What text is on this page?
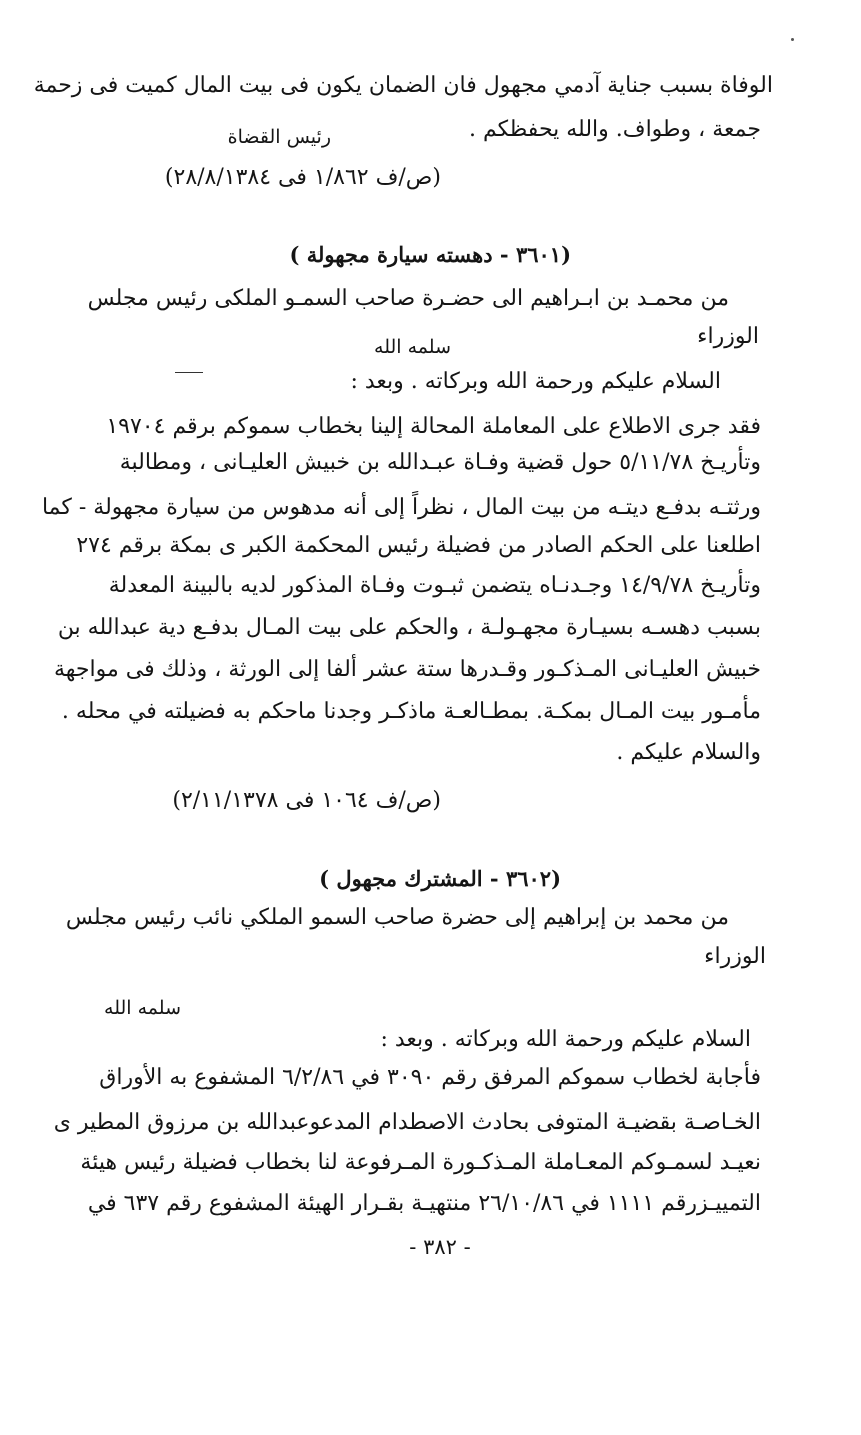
الوفاة بسبب جناية آدمي مجهول فان الضمان يكون فى بيت المال كميت فى زحمة
جمعة ، وطواف. والله يحفظكم .
رئيس القضاة
(ص/ف ١/٨٦٢ فى ٢٨/٨/١٣٨٤)
(٣٦٠١ - دهسته سيارة مجهولة )
من محمـد بن ابـراهيم الى حضـرة صاحب السمـو الملكى رئيس مجلس
الوزراء
سلمه الله
السلام عليكم ورحمة الله وبركاته . وبعد :
فقد جرى الاطلاع على المعاملة المحالة إلينا بخطاب سموكم برقم ١٩٧٠٤
وتأريـخ ٥/١١/٧٨ حول قضية وفـاة عبـدالله بن خبيش العليـانى ، ومطالبة
ورثتـه بدفـع ديتـه من بيت المال ، نظراً إلى أنه مدهوس من سيارة مجهولة - كما
اطلعنا على الحكم الصادر من فضيلة رئيس المحكمة الكبر ى بمكة برقم ٢٧٤
وتأريـخ ١٤/٩/٧٨ وجـدنـاه يتضمن ثبـوت وفـاة المذكور لديه بالبينة المعدلة
بسبب دهسـه بسيـارة مجهـولـة ، والحكم على بيت المـال بدفـع دية عبدالله بن
خبيش العليـانى المـذكـور وقـدرها ستة عشر ألفا إلى الورثة ، وذلك فى مواجهة
مأمـور بيت المـال بمكـة. بمطـالعـة ماذكـر وجدنا ماحكم به فضيلته في محله .
والسلام عليكم .
(ص/ف ١٠٦٤ فى ٢/١١/١٣٧٨)
(٣٦٠٢ - المشترك مجهول )
من محمد بن إبراهيم إلى حضرة صاحب السمو الملكي نائب رئيس مجلس
الوزراء
سلمه الله
السلام عليكم ورحمة الله وبركاته . وبعد :
فأجابة لخطاب سموكم المرفق رقم ٣٠٩٠ في ٦/٢/٨٦ المشفوع به الأوراق
الخـاصـة بقضيـة المتوفى بحادث الاصطدام المدعوعبدالله بن مرزوق المطير ى
نعيـد لسمـوكم المعـاملة المـذكـورة المـرفوعة لنا بخطاب فضيلة رئيس هيئة
التمييـزرقم ١١١١ في ٢٦/١٠/٨٦ منتهيـة بقـرار الهيئة المشفوع رقم ٦٣٧ في
- ٣٨٢ -
